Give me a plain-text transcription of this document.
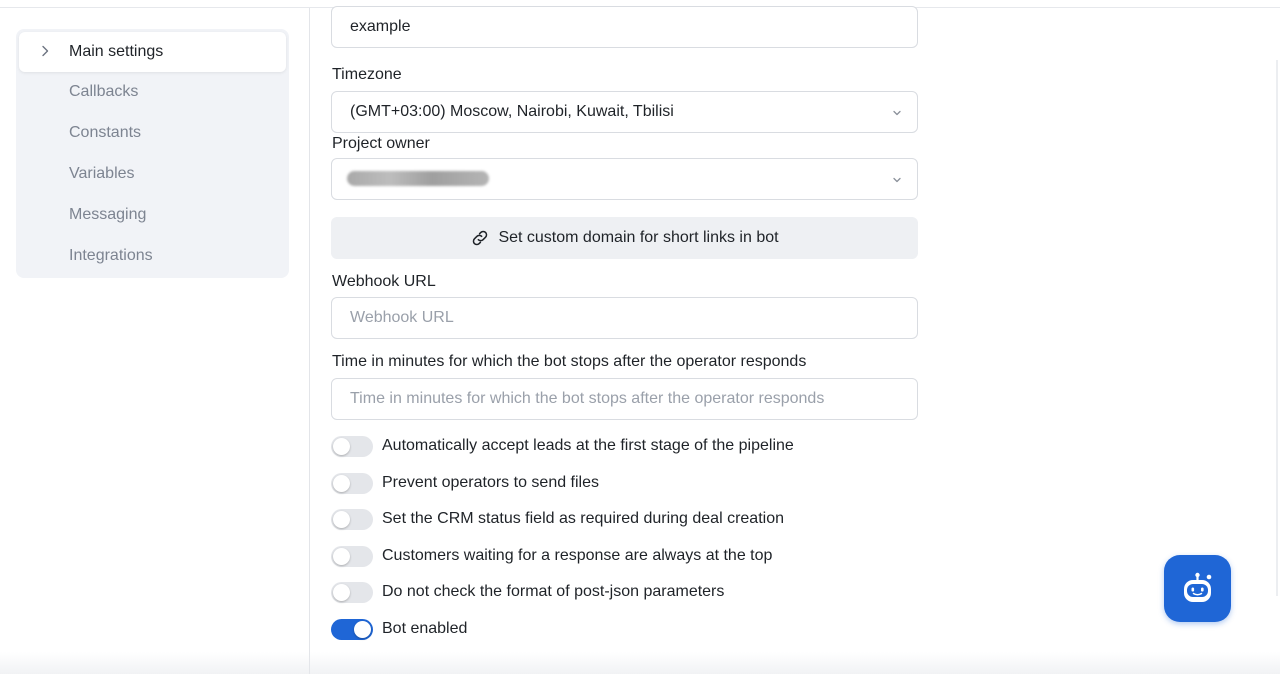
Main settings
Callbacks
Constants
Variables
Messaging
Integrations
example
Timezone
(GMT+03:00) Moscow, Nairobi, Kuwait, Tbilisi
Project owner
Set custom domain for short links in bot
Webhook URL
Webhook URL
Time in minutes for which the bot stops after the operator responds
Time in minutes for which the bot stops after the operator responds
Automatically accept leads at the first stage of the pipeline
Prevent operators to send files
Set the CRM status field as required during deal creation
Customers waiting for a response are always at the top
Do not check the format of post-json parameters
Bot enabled
